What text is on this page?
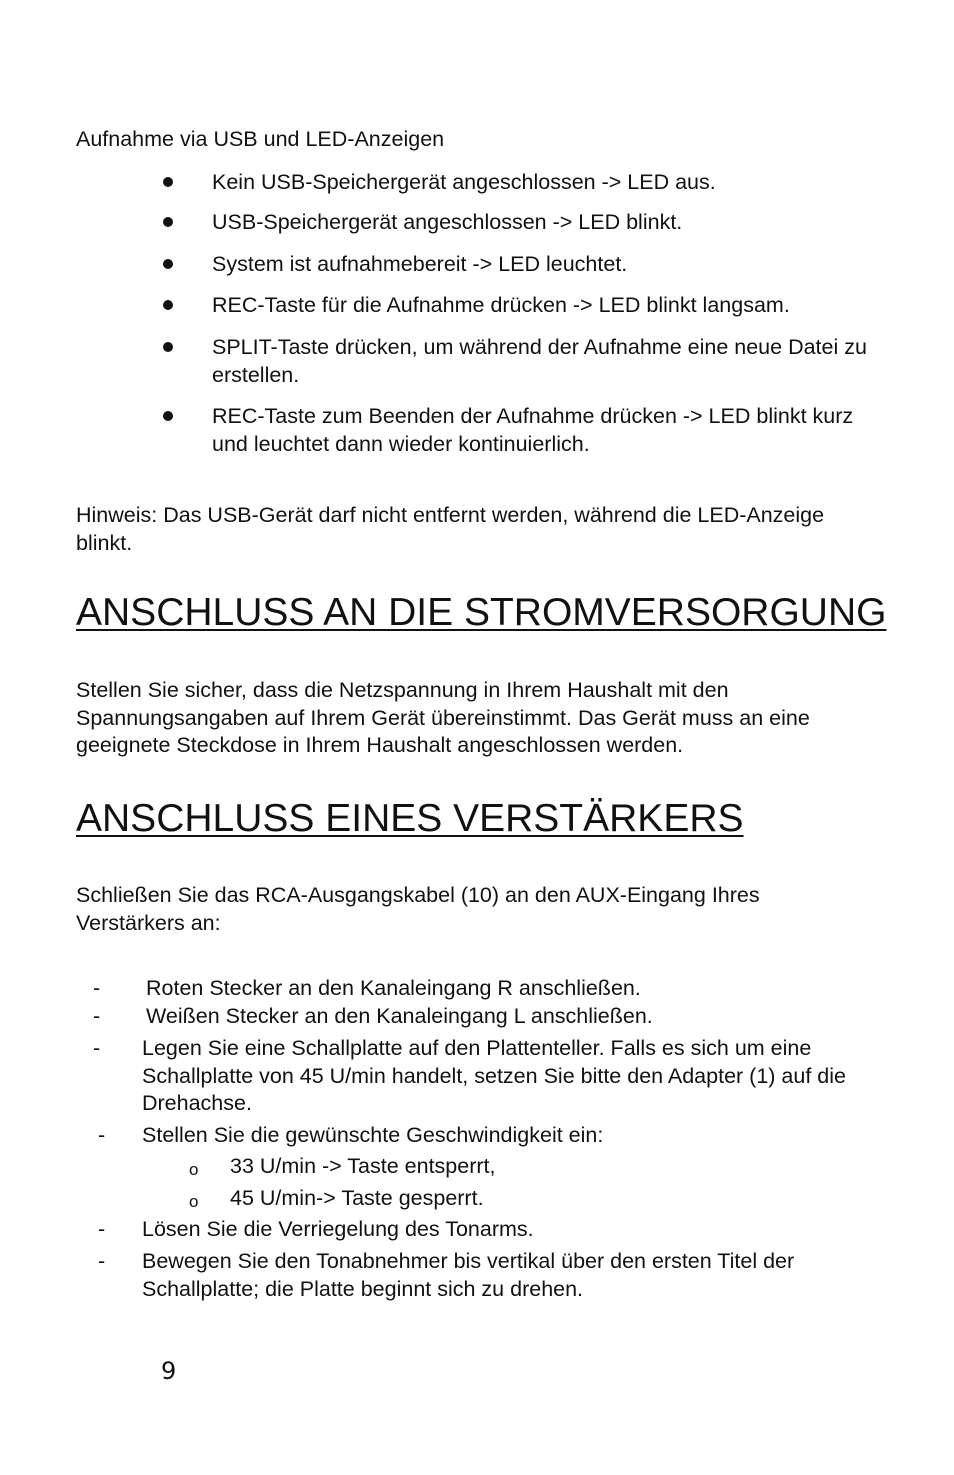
Aufnahme via USB und LED-Anzeigen

Kein USB-Speichergerät angeschlossen -> LED aus.
USB-Speichergerät angeschlossen -> LED blinkt.
System ist aufnahmebereit -> LED leuchtet.
REC-Taste für die Aufnahme drücken -> LED blinkt langsam.
SPLIT-Taste drücken, um während der Aufnahme eine neue Datei zu erstellen.
REC-Taste zum Beenden der Aufnahme drücken -> LED blinkt kurz und leuchtet dann wieder kontinuierlich.

Hinweis: Das USB-Gerät darf nicht entfernt werden, während die LED-Anzeige blinkt.

ANSCHLUSS AN DIE STROMVERSORGUNG

Stellen Sie sicher, dass die Netzspannung in Ihrem Haushalt mit den Spannungsangaben auf Ihrem Gerät übereinstimmt. Das Gerät muss an eine geeignete Steckdose in Ihrem Haushalt angeschlossen werden.

ANSCHLUSS EINES VERSTÄRKERS

Schließen Sie das RCA-Ausgangskabel (10) an den AUX-Eingang Ihres Verstärkers an:

- Roten Stecker an den Kanaleingang R anschließen.
- Weißen Stecker an den Kanaleingang L anschließen.
- Legen Sie eine Schallplatte auf den Plattenteller. Falls es sich um eine Schallplatte von 45 U/min handelt, setzen Sie bitte den Adapter (1) auf die Drehachse.
- Stellen Sie die gewünschte Geschwindigkeit ein:
o 33 U/min -> Taste entsperrt,
o 45 U/min-> Taste gesperrt.
- Lösen Sie die Verriegelung des Tonarms.
- Bewegen Sie den Tonabnehmer bis vertikal über den ersten Titel der Schallplatte; die Platte beginnt sich zu drehen.
9
